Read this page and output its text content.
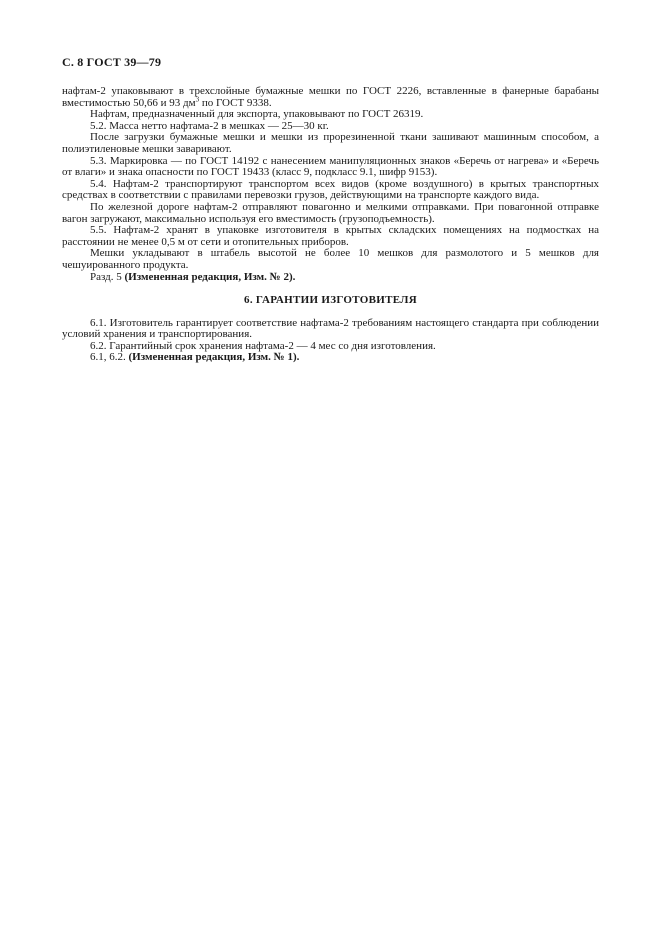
С. 8 ГОСТ 39—79

нафтам-2 упаковывают в трехслойные бумажные мешки по ГОСТ 2226, вставленные в фанерные барабаны вместимостью 50,66 и 93 $дм^3$ по ГОСТ 9338.

Нафтам, предназначенный для экспорта, упаковывают по ГОСТ 26319.

5.2. Масса нетто нафтама-2 в мешках — 25—30 кг.

После загрузки бумажные мешки и мешки из прорезиненной ткани зашивают машинным способом, а полиэтиленовые мешки заваривают.

5.3. Маркировка — по ГОСТ 14192 с нанесением манипуляционных знаков «Беречь от нагрева» и «Беречь от влаги» и знака опасности по ГОСТ 19433 (класс 9, подкласс 9.1, шифр 9153).

5.4. Нафтам-2 транспортируют транспортом всех видов (кроме воздушного) в крытых транспортных средствах в соответствии с правилами перевозки грузов, действующими на транспорте каждого вида.

По железной дороге нафтам-2 отправляют повагонно и мелкими отправками. При повагонной отправке вагон загружают, максимально используя его вместимость (грузоподъемность).

5.5. Нафтам-2 хранят в упаковке изготовителя в крытых складских помещениях на подмостках на расстоянии не менее 0,5 м от сети и отопительных приборов.

Мешки укладывают в штабель высотой не более 10 мешков для размолотого и 5 мешков для чешуированного продукта.

Разд. 5 (Измененная редакция, Изм. № 2).

6. ГАРАНТИИ ИЗГОТОВИТЕЛЯ

6.1. Изготовитель гарантирует соответствие нафтама-2 требованиям настоящего стандарта при соблюдении условий хранения и транспортирования.

6.2. Гарантийный срок хранения нафтама-2 — 4 мес со дня изготовления.

6.1, 6.2. (Измененная редакция, Изм. № 1).
